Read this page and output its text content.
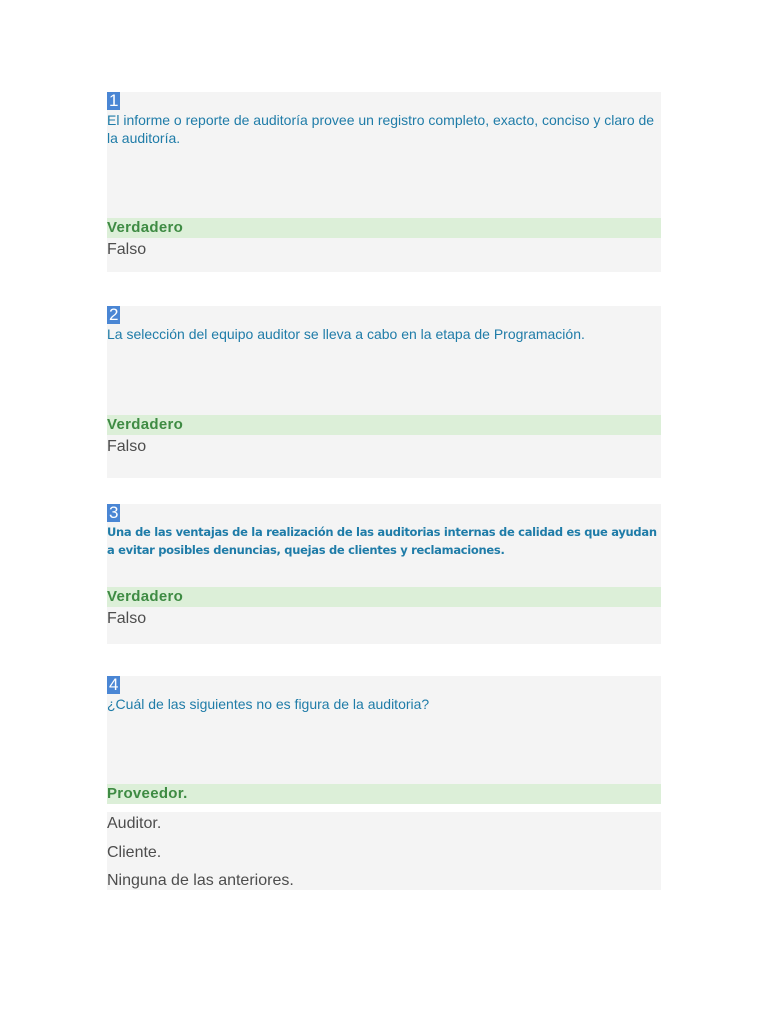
1
El informe o reporte de auditoría provee un registro completo, exacto, conciso y claro de la auditoría.
Verdadero
Falso
2
La selección del equipo auditor se lleva a cabo en la etapa de Programación.
Verdadero
Falso
3
Una de las ventajas de la realización de las auditorias internas de calidad es que ayudan a evitar posibles denuncias, quejas de clientes y reclamaciones.
Verdadero
Falso
4
¿Cuál de las siguientes no es figura de la auditoria?
Proveedor.
Auditor.
Cliente.
Ninguna de las anteriores.
